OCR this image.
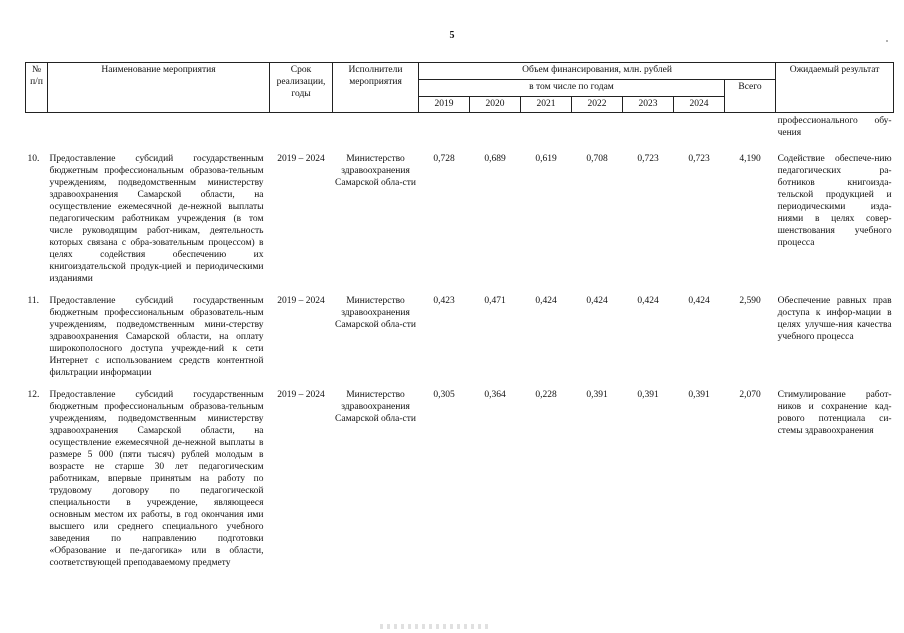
5
№ п/п	Наименование мероприятия	Срок реализации, годы	Исполнители мероприятия	Объем финансирования, млн. рублей							Ожидаемый результат
				в том числе по годам						Всего	
				2019	2020	2021	2022	2023	2024		
											профессионального обу-чения

10.	Предоставление субсидий государственным бюджетным профессиональным образова-тельным учреждениям, подведомственным министерству здравоохранения Самарской области, на осуществление ежемесячной де-нежной выплаты педагогическим работникам учреждения (в том числе руководящим работ-никам, деятельность которых связана с обра-зовательным процессом) в целях содействия обеспечению их книгоиздательской продук-цией и периодическими изданиями	2019 – 2024	Министерство здравоохранения Самарской обла-сти	0,728	0,689	0,619	0,708	0,723	0,723	4,190	Содействие обеспече-нию педагогических ра-ботников книгоизда-тельской продукцией и периодическими изда-ниями в целях совер-шенствования учебного процесса
11.	Предоставление субсидий государственным бюджетным профессиональным образователь-ным учреждениям, подведомственным мини-стерству здравоохранения Самарской области, на оплату широкополосного доступа учрежде-ний к сети Интернет с использованием средств контентной фильтрации информации	2019 – 2024	Министерство здравоохранения Самарской обла-сти	0,423	0,471	0,424	0,424	0,424	0,424	2,590	Обеспечение равных прав доступа к инфор-мации в целях улучше-ния качества учебного процесса
12.	Предоставление субсидий государственным бюджетным профессиональным образова-тельным учреждениям, подведомственным министерству здравоохранения Самарской области, на осуществление ежемесячной де-нежной выплаты в размере 5 000 (пяти тысяч) рублей молодым в возрасте не старше 30 лет педагогическим работникам, впервые принятым на работу по трудовому договору по педагогической специальности в учреждение, являющееся основным местом их работы, в год окончания ими высшего или среднего специального учебного заведения по направлению подготовки «Образование и пе-дагогика» или в области, соответствующей преподаваемому предмету	2019 – 2024	Министерство здравоохранения Самарской обла-сти	0,305	0,364	0,228	0,391	0,391	0,391	2,070	Стимулирование работ-ников и сохранение кад-рового потенциала си-стемы здравоохранения
